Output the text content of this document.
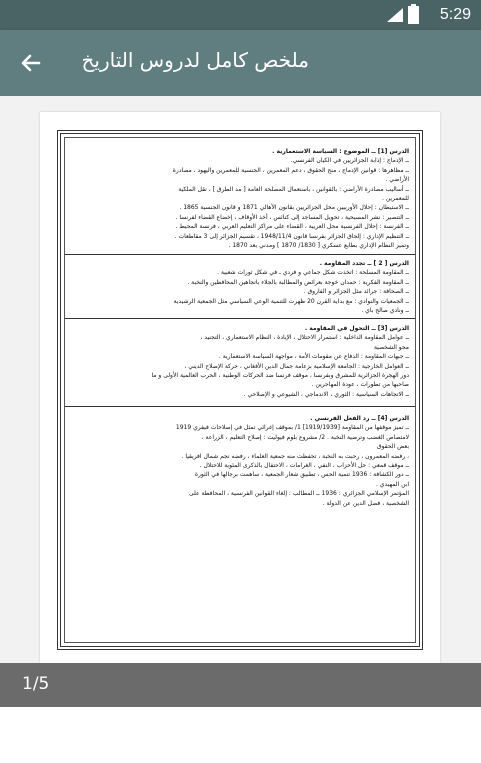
5:29
ملخص كامل لدروس التاريخ

الدرس [1] ــ الموضوع : السياسة الاستعمارية .

ــ الإدماج : إذابة الجزائريين في الكيان الفرنسي.

ــ مظاهرها : قوانين الإدماج ، منح الحقوق ، دعم المعمرين ، الجنسية للمعمرين واليهود ، مصادرة

الأراضي .

ــ أساليب مصادرة الأراضي : بالقوانين ، باستعمال المصلحة العامة [ مد الطرق ] ، نقل الملكية

للمعمرين .

ــ الاستيطان : إحلال الأوربيين محل الجزائريين بقانون الأهالي 1871 و قانون الجنسية 1865 .

ــ التنصير : نشر المسيحية ، تحويل المساجد إلى كنائس ، أخذ الأوقاف ، إخضاع القضاء لفرنسا .

ــ الفرنسة : إحلال الفرنسية محل العربية ، القضاء على مراكز التعليم العربي ، فرنسة المحيط .

ــ التنظيم الإداري : إلحاق الجزائر بفرنسا قانون 1948/11/4 ، تقسيم الجزائر إلى 3 مقاطعات .

وتميز النظام الإداري بطابع عسكري [ 1830/ 1870 ] ومدني بعد 1870 .

الدرس [ 2 ] ــ تجدد المقاومة .

ــ المقاومة المسلحة : اتخذت شكل جماعي و فردي ـ في شكل ثورات شعبية .

ــ المقاومة الفكرية : حمدان خوجة بعرائض والمطالبة بالجلاء باتجاهين المحافظين والنخبة .

ــ الصحافة : جرائد مثل الجزائر و الفاروق .

ــ الجمعيات والنوادي : مع بداية القرن 20 ظهرت للتنمية الوعي السياسي مثل الجمعية الرشيدية

ــ ونادي صالح باي .

الدرس [3] ــ التحول في المقاومة .

ــ عوامل المقاومة الداخلية : استمرار الاحتلال ، الإبادة ، النظام الاستعماري ، التجنيد ،

محو الشخصية

ــ جبهات المقاومة : الدفاع عن مقومات الأمة ، مواجهة السياسة الاستعمارية .

ــ العوامل الخارجية : الجامعة الإسلامية بزعامة جمال الدين الأفغاني ، حركة الإصلاح الديني ،

دور الهجرة الجزائرية للمشرق وبفرنسا ، موقف فرنسا ضد الحركات الوطنية ، الحرب العالمية الأولى و ما

صاحبها من تطورات ، عودة المهاجرين .

ــ الاتجاهات السياسية : الثوري ، الاندماجي ، الشيوعي و الإصلاحي .

الدرس [4] ــ رد الفعل الفرنسي .

ــ تميز موقفها من المقاومة [1919/1939] 1/ بموقف إغرائي تمثل في إصلاحات فيفري 1919

لامتصاص الغضب وترضية النخبة . 2/ مشروع بلوم فيوليت : إصلاح التعليم ، الزراعة ،

بعض الحقوق

، رفضه المعمرون ، رحبت به النخبة ، تحفظت منه جمعية العلماء ، رفضه نجم شمال افريقيا .

ــ موقف قمعي : حل الأحزاب ، النفي ، الغرامات ، الاحتفال بالذكرى المئوية للاحتلال .

ــ دور الكشافة : 1936 تنمية الحس ، تطبيق شعار الجمعية ، ساهمت برجالها في الثورة

ابن المهيدي .

المؤتمر الإسلامي الجزائري : 1936 ــ المطالب : إلغاء القوانين الفرنسية ، المحافظة على

الشخصية ، فصل الدين عن الدولة .

1/5
